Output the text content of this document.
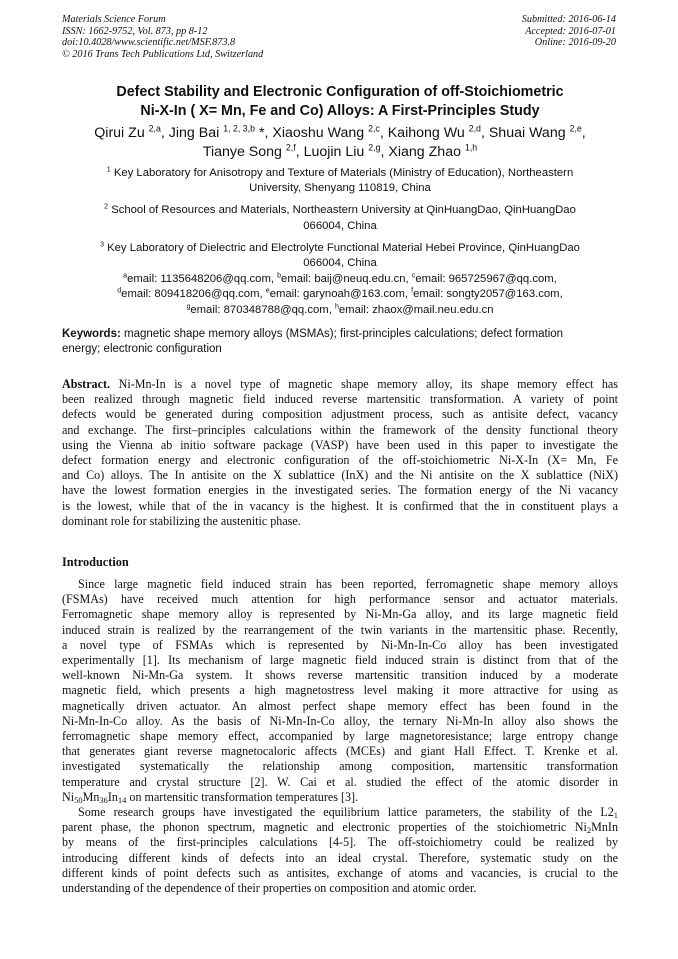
Materials Science Forum
ISSN: 1662-9752, Vol. 873, pp 8-12
doi:10.4028/www.scientific.net/MSF.873.8
© 2016 Trans Tech Publications Ltd, Switzerland
Submitted: 2016-06-14
Accepted: 2016-07-01
Online: 2016-09-20
Defect Stability and Electronic Configuration of off-Stoichiometric
Ni-X-In ( X= Mn, Fe and Co) Alloys: A First-Principles Study
Qirui Zu $^{2,a}$, Jing Bai $^{1, 2, 3,b}$ *, Xiaoshu Wang $^{2,c}$, Kaihong Wu $^{2,d}$, Shuai Wang $^{2,e}$,
Tianye Song $^{2,f}$, Luojin Liu $^{2,g}$, Xiang Zhao $^{1,h}$
$^1$ Key Laboratory for Anisotropy and Texture of Materials (Ministry of Education), Northeastern
University, Shenyang 110819, China
$^2$ School of Resources and Materials, Northeastern University at QinHuangDao, QinHuangDao
066004, China
$^3$ Key Laboratory of Dielectric and Electrolyte Functional Material Hebei Province, QinHuangDao
066004, China
$^a$email: 1135648206@qq.com, $^b$email: baij@neuq.edu.cn, $^c$email: 965725967@qq.com,
$^d$email: 809418206@qq.com, $^e$email: garynoah@163.com, $^f$email: songty2057@163.com,
$^g$email: 870348788@qq.com, $^h$email: zhaox@mail.neu.edu.cn
Keywords: magnetic shape memory alloys (MSMAs); first-principles calculations; defect formation
energy; electronic configuration
Abstract. Ni-Mn-In is a novel type of magnetic shape memory alloy, its shape memory effect has
been realized through magnetic field induced reverse martensitic transformation. A variety of point
defects would be generated during composition adjustment process, such as antisite defect, vacancy
and exchange. The first–principles calculations within the framework of the density functional theory
using the Vienna ab initio software package (VASP) have been used in this paper to investigate the
defect formation energy and electronic configuration of the off-stoichiometric Ni-X-In (X= Mn, Fe
and Co) alloys. The In antisite on the X sublattice (InX) and the Ni antisite on the X sublattice (NiX)
have the lowest formation energies in the investigated series. The formation energy of the Ni vacancy
is the lowest, while that of the in vacancy is the highest. It is confirmed that the in constituent plays a
dominant role for stabilizing the austenitic phase.
Introduction
Since large magnetic field induced strain has been reported, ferromagnetic shape memory alloys
(FSMAs) have received much attention for high performance sensor and actuator materials.
Ferromagnetic shape memory alloy is represented by Ni-Mn-Ga alloy, and its large magnetic field
induced strain is realized by the rearrangement of the twin variants in the martensitic phase. Recently,
a novel type of FSMAs which is represented by Ni-Mn-In-Co alloy has been investigated
experimentally [1]. Its mechanism of large magnetic field induced strain is distinct from that of the
well-known Ni-Mn-Ga system. It shows reverse martensitic transition induced by a moderate
magnetic field, which presents a high magnetostress level making it more attractive for using as
magnetically driven actuator. An almost perfect shape memory effect has been found in the
Ni-Mn-In-Co alloy. As the basis of Ni-Mn-In-Co alloy, the ternary Ni-Mn-In alloy also shows the
ferromagnetic shape memory effect, accompanied by large magnetoresistance; large entropy change
that generates giant reverse magnetocaloric affects (MCEs) and giant Hall Effect. T. Krenke et al.
investigated systematically the relationship among composition, martensitic transformation
temperature and crystal structure [2]. W. Cai et al. studied the effect of the atomic disorder in
$Ni_{50}Mn_{36}In_{14}$ on martensitic transformation temperatures [3].
Some research groups have investigated the equilibrium lattice parameters, the stability of the $L2_1$
parent phase, the phonon spectrum, magnetic and electronic properties of the stoichiometric $Ni_2MnIn$
by means of the first-principles calculations [4-5]. The off-stoichiometry could be realized by
introducing different kinds of defects into an ideal crystal. Therefore, systematic study on the
different kinds of point defects such as antisites, exchange of atoms and vacancies, is crucial to the
understanding of the dependence of their properties on composition and atomic order.
